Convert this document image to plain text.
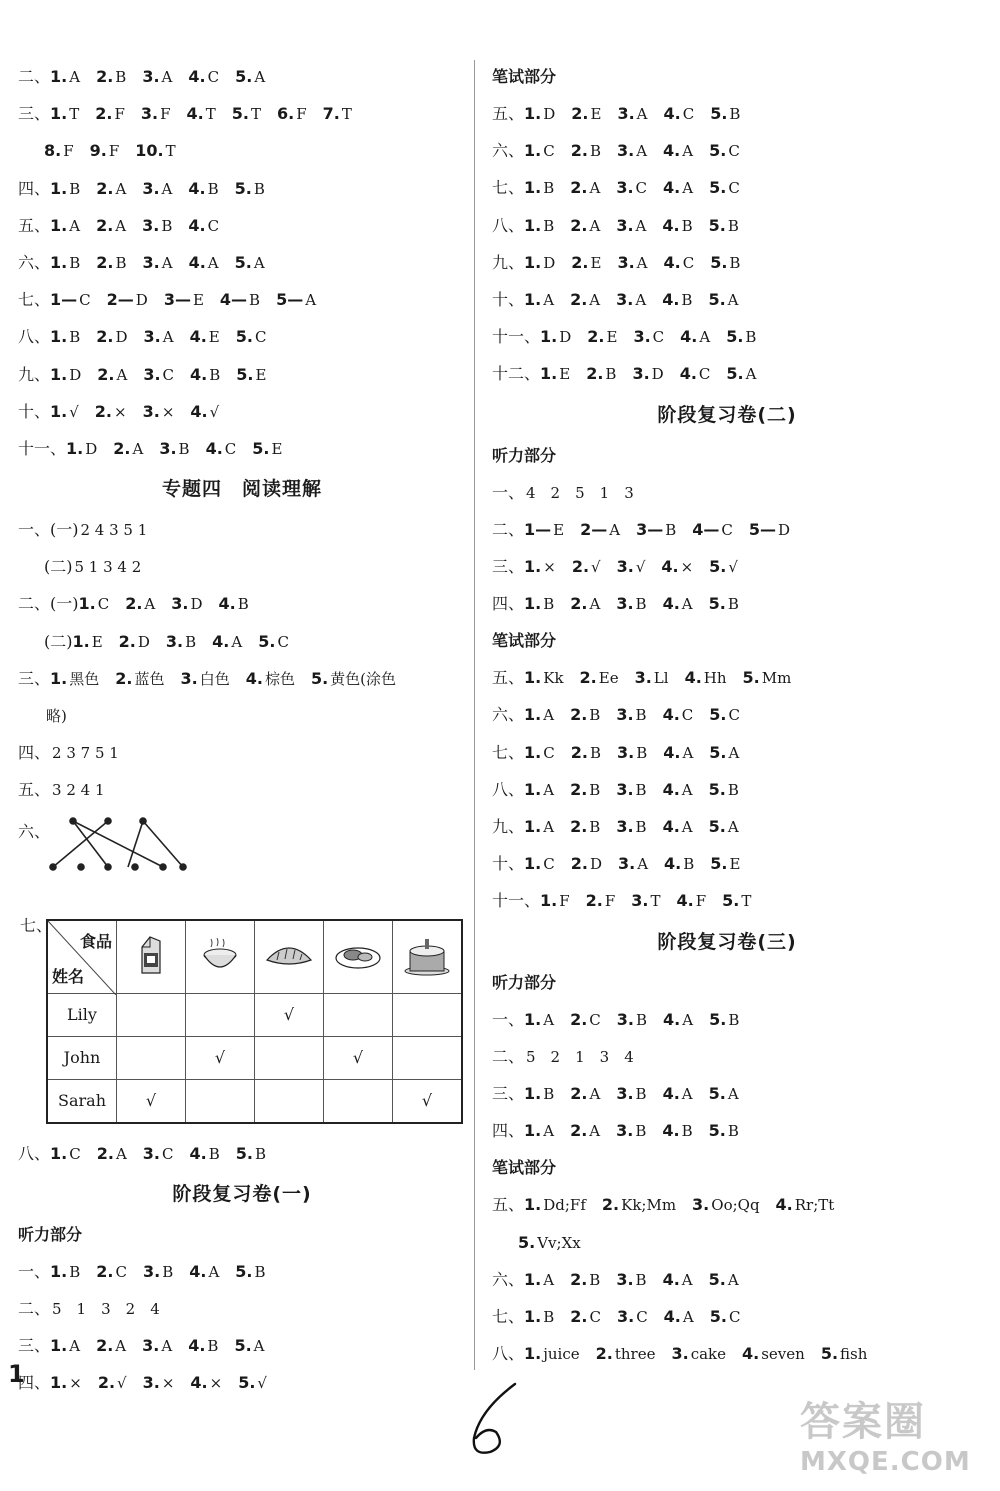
二、1. A 2. B 3. A 4. C 5. A
三、1. T 2. F 3. F 4. T 5. T 6. F 7. T
8. F 9. F 10. T
四、1. B 2. A 3. A 4. B 5. B
五、1. A 2. A 3. B 4. C
六、1. B 2. B 3. A 4. A 5. A
七、1— C 2— D 3— E 4— B 5— A
八、1. B 2. D 3. A 4. E 5. C
九、1. D 2. A 3. C 4. B 5. E
十、1. √ 2. × 3. × 4. √
十一、1. D 2. A 3. B 4. C 5. E
专题四　阅读理解
一、(一) 2 4 3 5 1
(二) 5 1 3 4 2
二、(一)1. C 2. A 3. D 4. B
(二)1. E 2. D 3. B 4. A 5. C
三、1. 黑色 2. 蓝色 3. 白色 4. 棕色 5. 黄色(涂色
略)
四、 2 3 7 5 1
五、 3 2 4 1
六、
七、
食品
姓名

Lily			√		
John		√		√	
Sarah	√				√
八、1. C 2. A 3. C 4. B 5. B
阶段复习卷(一)
听力部分
一、1. B 2. C 3. B 4. A 5. B
二、 5　1　3　2　4
三、1. A 2. A 3. A 4. B 5. A
四、1. × 2. √ 3. × 4. × 5. √
笔试部分
五、1. D 2. E 3. A 4. C 5. B
六、1. C 2. B 3. A 4. A 5. C
七、1. B 2. A 3. C 4. A 5. C
八、1. B 2. A 3. A 4. B 5. B
九、1. D 2. E 3. A 4. C 5. B
十、1. A 2. A 3. A 4. B 5. A
十一、1. D 2. E 3. C 4. A 5. B
十二、1. E 2. B 3. D 4. C 5. A
阶段复习卷(二)
听力部分
一、 4　2　5　1　3
二、1— E 2— A 3— B 4— C 5— D
三、1. × 2. √ 3. √ 4. × 5. √
四、1. B 2. A 3. B 4. A 5. B
笔试部分
五、1. Kk 2. Ee 3. Ll 4. Hh 5. Mm
六、1. A 2. B 3. B 4. C 5. C
七、1. C 2. B 3. B 4. A 5. A
八、1. A 2. B 3. B 4. A 5. B
九、1. A 2. B 3. B 4. A 5. A
十、1. C 2. D 3. A 4. B 5. E
十一、1. F 2. F 3. T 4. F 5. T
阶段复习卷(三)
听力部分
一、1. A 2. C 3. B 4. A 5. B
二、 5　2　1　3　4
三、1. B 2. A 3. B 4. A 5. A
四、1. A 2. A 3. B 4. B 5. B
笔试部分
五、1. Dd;Ff 2. Kk;Mm 3. Oo;Qq 4. Rr;Tt
5. Vv;Xx
六、1. A 2. B 3. B 4. A 5. A
七、1. B 2. C 3. C 4. A 5. C
八、1. juice 2. three 3. cake 4. seven 5. fish
1
答案圈
MXQE.COM
